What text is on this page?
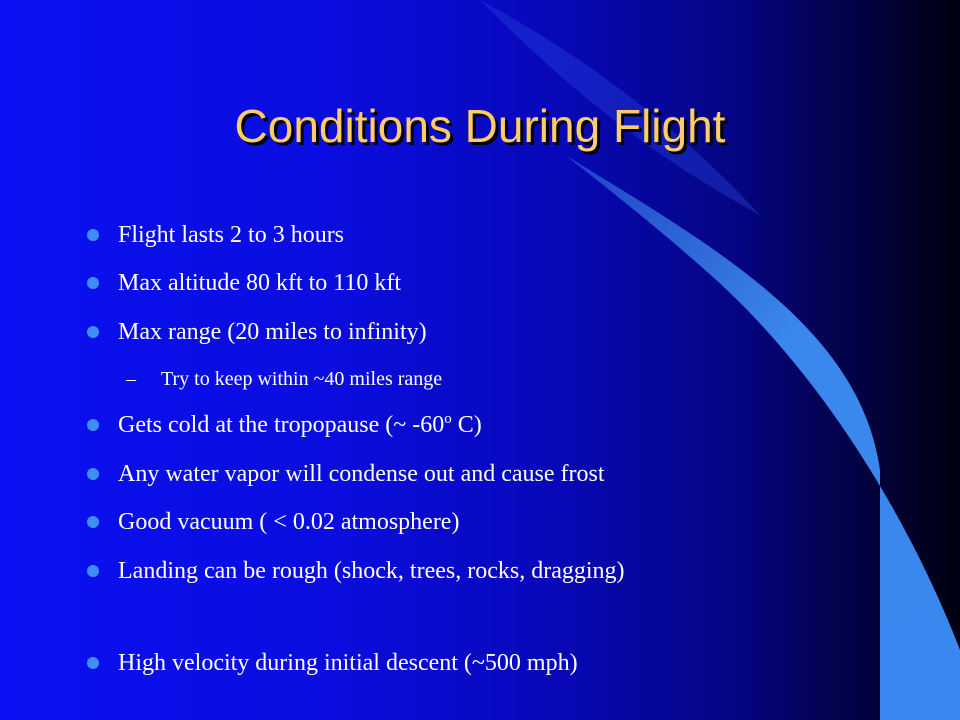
Conditions During Flight
Flight lasts 2 to 3 hours
Max altitude 80 kft to 110 kft
Max range (20 miles to infinity)
– Try to keep within ~40 miles range
Gets cold at the tropopause (~ -60$^o$ C)
Any water vapor will condense out and cause frost
Good vacuum ( < 0.02 atmosphere)
Landing can be rough (shock, trees, rocks, dragging)
High velocity during initial descent (~500 mph)
